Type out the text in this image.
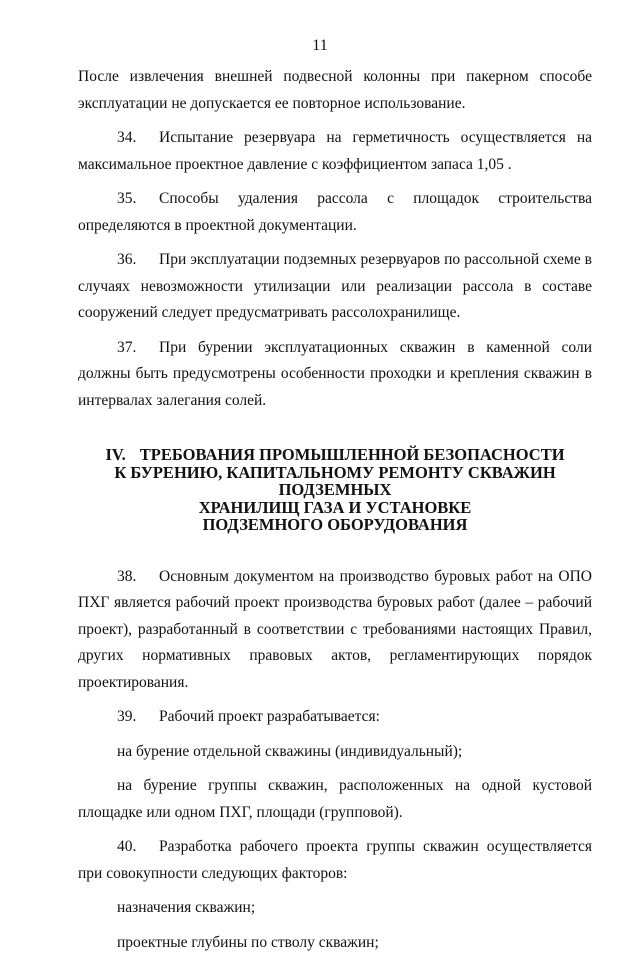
11

После извлечения внешней подвесной колонны при пакерном способе эксплуатации не допускается ее повторное использование.

34. Испытание резервуара на герметичность осуществляется на максимальное проектное давление с коэффициентом запаса 1,05 .

35. Способы удаления рассола с площадок строительства определяются в проектной документации.

36. При эксплуатации подземных резервуаров по рассольной схеме в случаях невозможности утилизации или реализации рассола в составе сооружений следует предусматривать рассолохранилище.

37. При бурении эксплуатационных скважин в каменной соли должны быть предусмотрены особенности проходки и крепления скважин в интервалах залегания солей.

IV. ТРЕБОВАНИЯ ПРОМЫШЛЕННОЙ БЕЗОПАСНОСТИ
К БУРЕНИЮ, КАПИТАЛЬНОМУ РЕМОНТУ СКВАЖИН ПОДЗЕМНЫХ
ХРАНИЛИЩ ГАЗА И УСТАНОВКЕ
ПОДЗЕМНОГО ОБОРУДОВАНИЯ

38. Основным документом на производство буровых работ на ОПО ПХГ является рабочий проект производства буровых работ (далее – рабочий проект), разработанный в соответствии с требованиями настоящих Правил, других нормативных правовых актов, регламентирующих порядок проектирования.

39. Рабочий проект разрабатывается:

на бурение отдельной скважины (индивидуальный);

на бурение группы скважин, расположенных на одной кустовой площадке или одном ПХГ, площади (групповой).

40. Разработка рабочего проекта группы скважин осуществляется при совокупности следующих факторов:

назначения скважин;

проектные глубины по стволу скважин;
